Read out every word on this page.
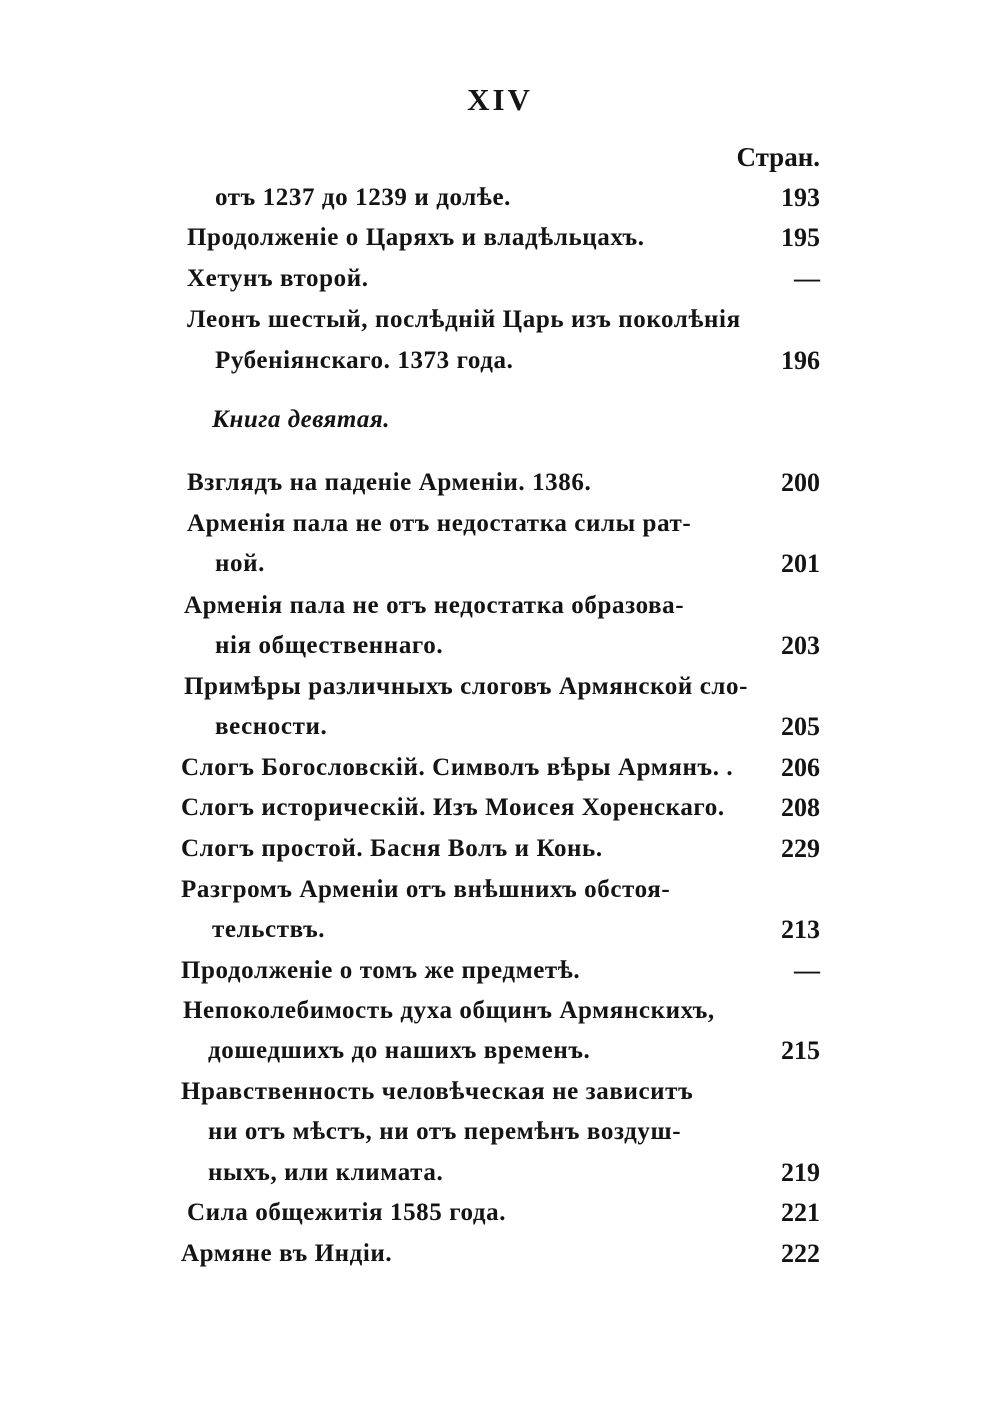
XIV
Стран.
отъ 1237 до 1239 и долѣе.	193
Продолженіе о Царяхъ и владѣльцахъ.	195
Хетунъ второй.	—
Леонъ шестый, послѣдній Царь изъ поколѣнія
Рубеніянскаго. 1373 года.	196
Книга девятая.
Взглядъ на паденіе Арменіи. 1386.	200
Арменія пала не отъ недостатка силы рат-
ной.	201
Арменія пала не отъ недостатка образова-
нія общественнаго.	203
Примѣры различныхъ слоговъ Армянской сло-
весности.	205
Слогъ Богословскій. Символъ вѣры Армянъ. .	206
Слогъ историческій. Изъ Моисея Хоренскаго.	208
Слогъ простой. Басня Волъ и Конь.	229
Разгромъ Арменіи отъ внѣшнихъ обстоя-
тельствъ.	213
Продолженіе о томъ же предметѣ.	—
Непоколебимость духа общинъ Армянскихъ,
дошедшихъ до нашихъ временъ.	215
Нравственность человѣческая не зависитъ
ни отъ мѣстъ, ни отъ перемѣнъ воздуш-
ныхъ, или климата.	219
Сила общежитія 1585 года.	221
Армяне въ Индіи.	222
